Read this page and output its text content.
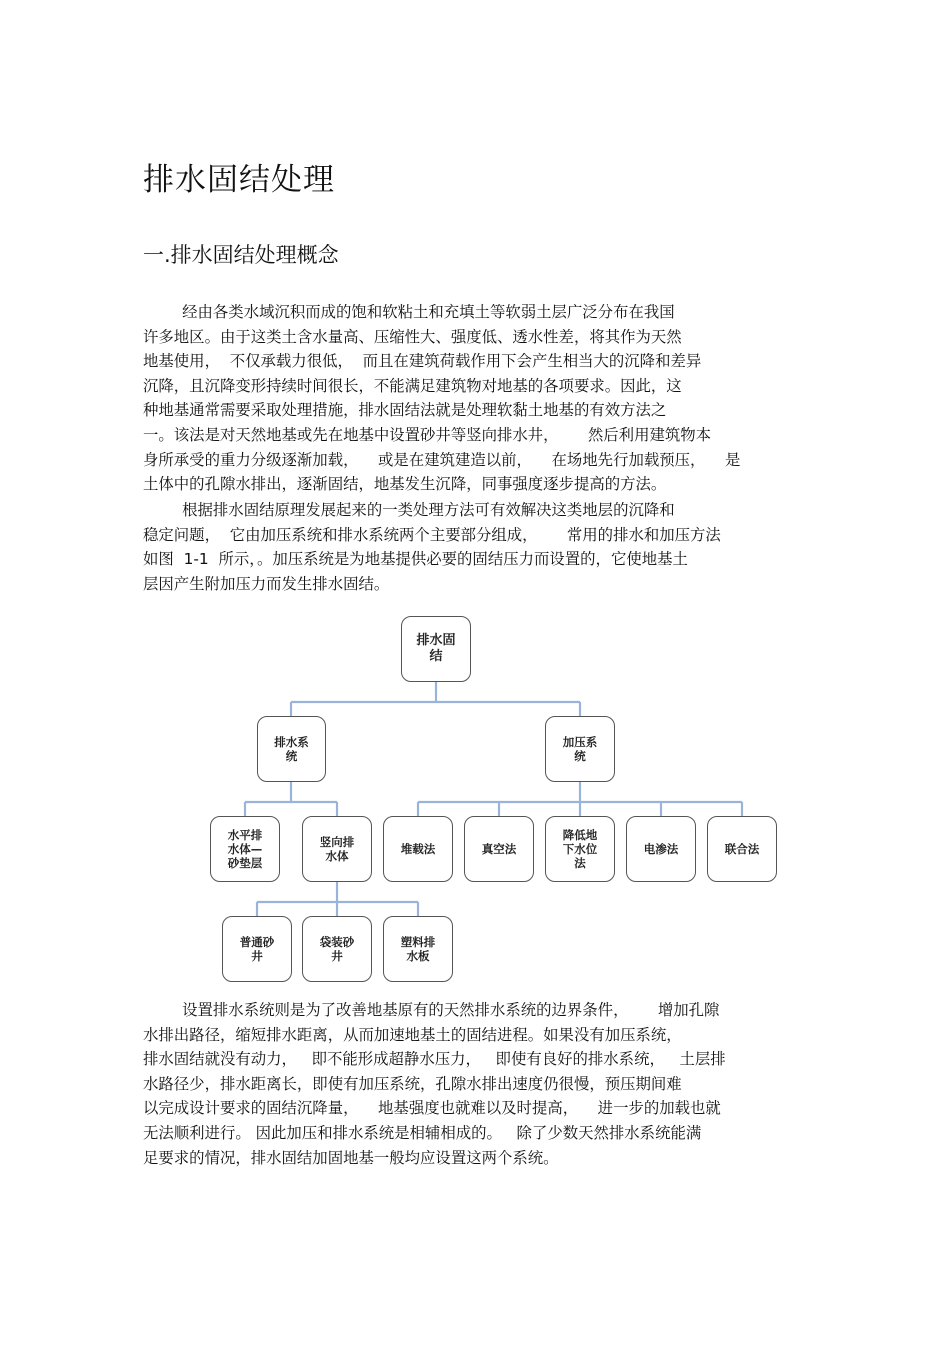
排水固结处理
一.排水固结处理概念
经由各类水域沉积而成的饱和软粘土和充填土等软弱土层广泛分布在我国
许多地区。由于这类土含水量高、压缩性大、强度低、透水性差，将其作为天然
地基使用，  不仅承载力很低，  而且在建筑荷载作用下会产生相当大的沉降和差异
沉降，且沉降变形持续时间很长，不能满足建筑物对地基的各项要求。因此，这
种地基通常需要采取处理措施，排水固结法就是处理软黏土地基的有效方法之
一。该法是对天然地基或先在地基中设置砂井等竖向排水井，      然后利用建筑物本
身所承受的重力分级逐渐加载，    或是在建筑建造以前，    在场地先行加载预压，    是
土体中的孔隙水排出，逐渐固结，地基发生沉降，同事强度逐步提高的方法。
根据排水固结原理发展起来的一类处理方法可有效解决这类地层的沉降和
稳定问题，  它由加压系统和排水系统两个主要部分组成，      常用的排水和加压方法
如图  1-1  所示，。加压系统是为地基提供必要的固结压力而设置的，它使地基土
层因产生附加压力而发生排水固结。
排水固
结
排水系
统
加压系
统
水平排
水体—
砂垫层
竖向排
水体	堆载法	真空法
降低地
下水位
法
电渗法	联合法
普通砂
井
袋装砂
井
塑料排
水板
设置排水系统则是为了改善地基原有的天然排水系统的边界条件，      增加孔隙
水排出路径，缩短排水距离，从而加速地基土的固结进程。如果没有加压系统，
排水固结就没有动力，   即不能形成超静水压力，   即使有良好的排水系统，   土层排
水路径少，排水距离长，即使有加压系统，孔隙水排出速度仍很慢，预压期间难
以完成设计要求的固结沉降量，    地基强度也就难以及时提高，    进一步的加载也就
无法顺利进行。 因此加压和排水系统是相辅相成的。   除了少数天然排水系统能满
足要求的情况，排水固结加固地基一般均应设置这两个系统。
